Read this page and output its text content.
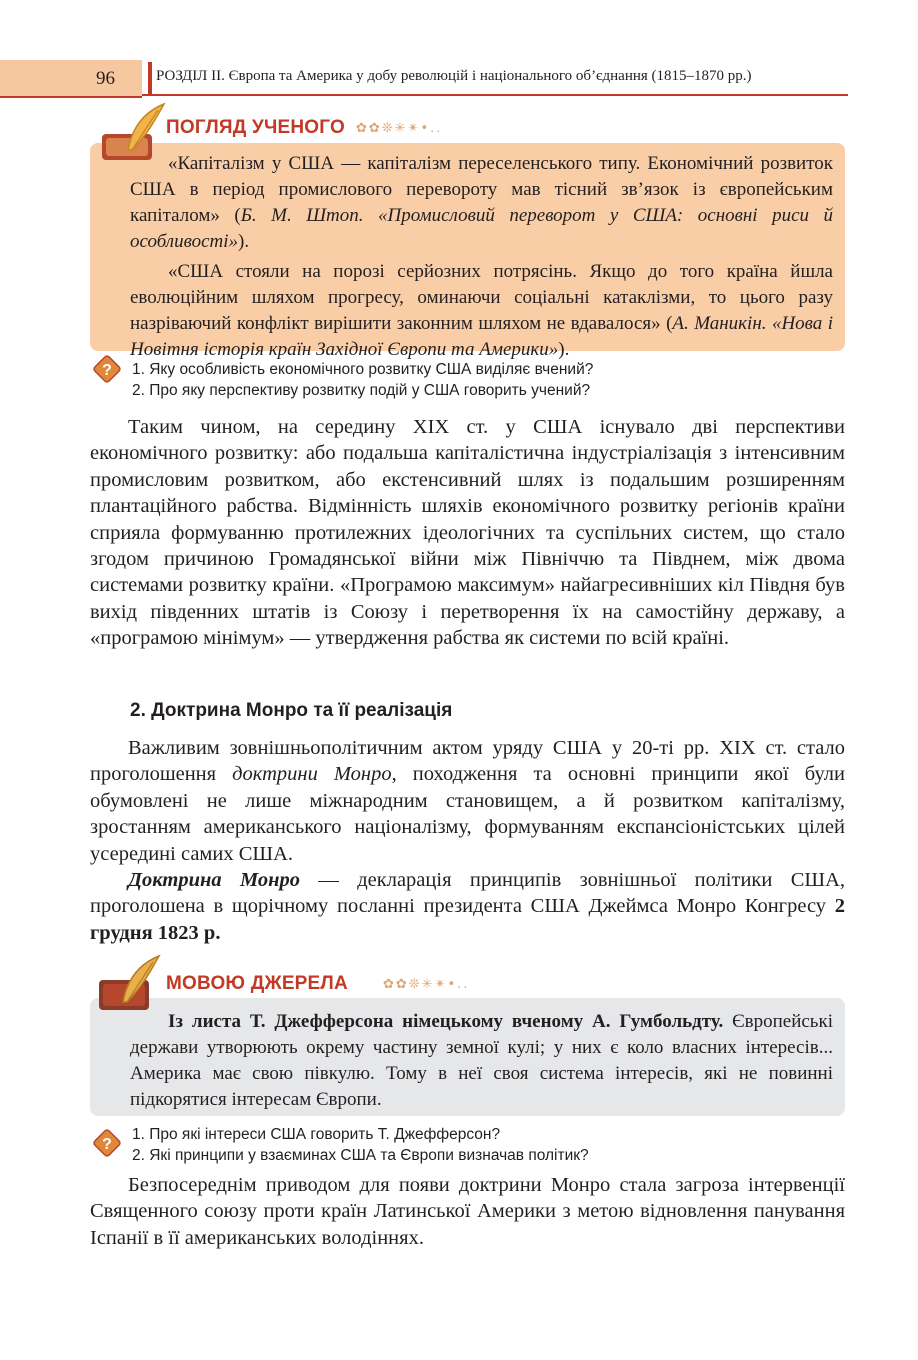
96	РОЗДІЛ ІІ. Європа та Америка у добу революцій і національного об’єднання (1815–1870 рр.)
ПОГЛЯД УЧЕНОГО ✿✿❊✳✴•..

«Капіталізм у США — капіталізм переселенського типу. Економічний розвиток США в період промислового перевороту мав тісний зв’язок із європейським капіталом» (Б. М. Штоп. «Промисловий переворот у США: основні риси й особливості»).

«США стояли на порозі серйозних потрясінь. Якщо до того країна йшла еволюційним шляхом прогресу, оминаючи соціальні катаклізми, то цього разу назріваючий конфлікт вирішити законним шляхом не вдавалося» (А. Маникін. «Нова і Новітня історія країн Західної Європи та Америки»).

? 1. Яку особливість економічного розвитку США виділяє вчений?
2. Про яку перспективу розвитку подій у США говорить учений?

Таким чином, на середину XIX ст. у США існувало дві перспективи економічного розвитку: або подальша капіталістична індустріалізація з інтенсивним промисловим розвитком, або екстенсивний шлях із подальшим розширенням плантаційного рабства. Відмінність шляхів економічного розвитку регіонів країни сприяла формуванню протилежних ідеологічних та суспільних систем, що стало згодом причиною Громадянської війни між Північчю та Півднем, між двома системами розвитку країни. «Програмою максимум» найагресивніших кіл Півдня був вихід південних штатів із Союзу і перетворення їх на самостійну державу, а «програмою мінімум» — утвердження рабства як системи по всій країні.

2. Доктрина Монро та її реалізація

Важливим зовнішньополітичним актом уряду США у 20-ті рр. XIX ст. стало проголошення доктрини Монро, походження та основні принципи якої були обумовлені не лише міжнародним становищем, а й розвитком капіталізму, зростанням американського націоналізму, формуванням експансіоністських цілей усередині самих США.

Доктрина Монро — декларація принципів зовнішньої політики США, проголошена в щорічному посланні президента США Джеймса Монро Конгресу 2 грудня 1823 р.

МОВОЮ ДЖЕРЕЛА	✿✿❊✳✴•..

Із листа Т. Джефферсона німецькому вченому А. Гумбольдту. Європейські держави утворюють окрему частину земної кулі; у них є коло власних інтересів... Америка має свою півкулю. Тому в неї своя система інтересів, які не повинні підкорятися інтересам Європи.

?
1. Про які інтереси США говорить Т. Джефферсон?
2. Які принципи у взаєминах США та Європи визначав політик?

Безпосереднім приводом для появи доктрини Монро стала загроза інтервенції Священного союзу проти країн Латинської Америки з метою відновлення панування Іспанії в її американських володіннях.
